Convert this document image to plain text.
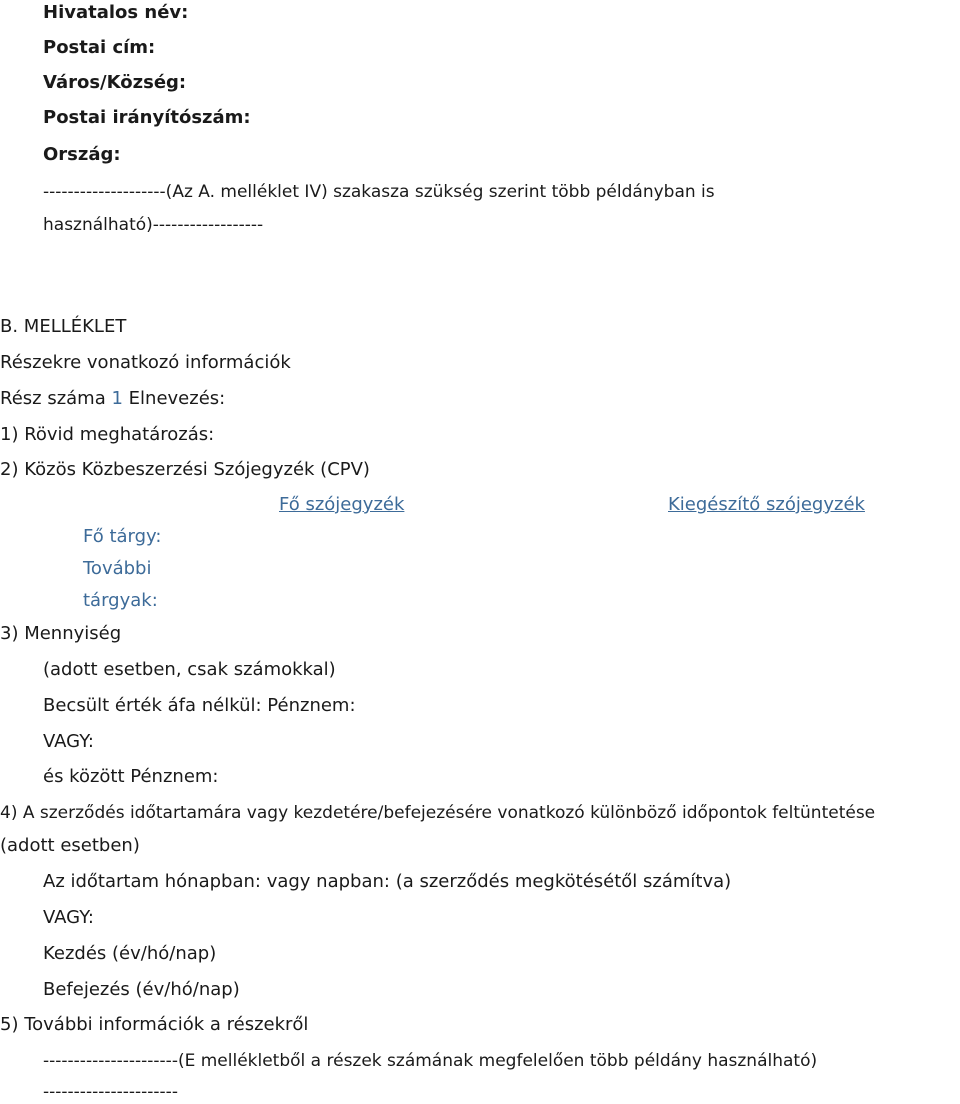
Hivatalos név:
Postai cím:
Város/Község:
Postai irányítószám:
Ország:
--------------------(Az A. melléklet IV) szakasza szükség szerint több példányban is
használható)------------------
B. MELLÉKLET
Részekre vonatkozó információk
Rész száma 1 Elnevezés:
1) Rövid meghatározás:
2) Közös Közbeszerzési Szójegyzék (CPV)
Fő szójegyzék	Kiegészítő szójegyzék
Fő tárgy:
További
tárgyak:
3) Mennyiség
(adott esetben, csak számokkal)
Becsült érték áfa nélkül: Pénznem:
VAGY:
és között Pénznem:
4) A szerződés időtartamára vagy kezdetére/befejezésére vonatkozó különböző időpontok feltüntetése
(adott esetben)
Az időtartam hónapban: vagy napban: (a szerződés megkötésétől számítva)
VAGY:
Kezdés (év/hó/nap)
Befejezés (év/hó/nap)
5) További információk a részekről
----------------------(E mellékletből a részek számának megfelelően több példány használható)
----------------------
